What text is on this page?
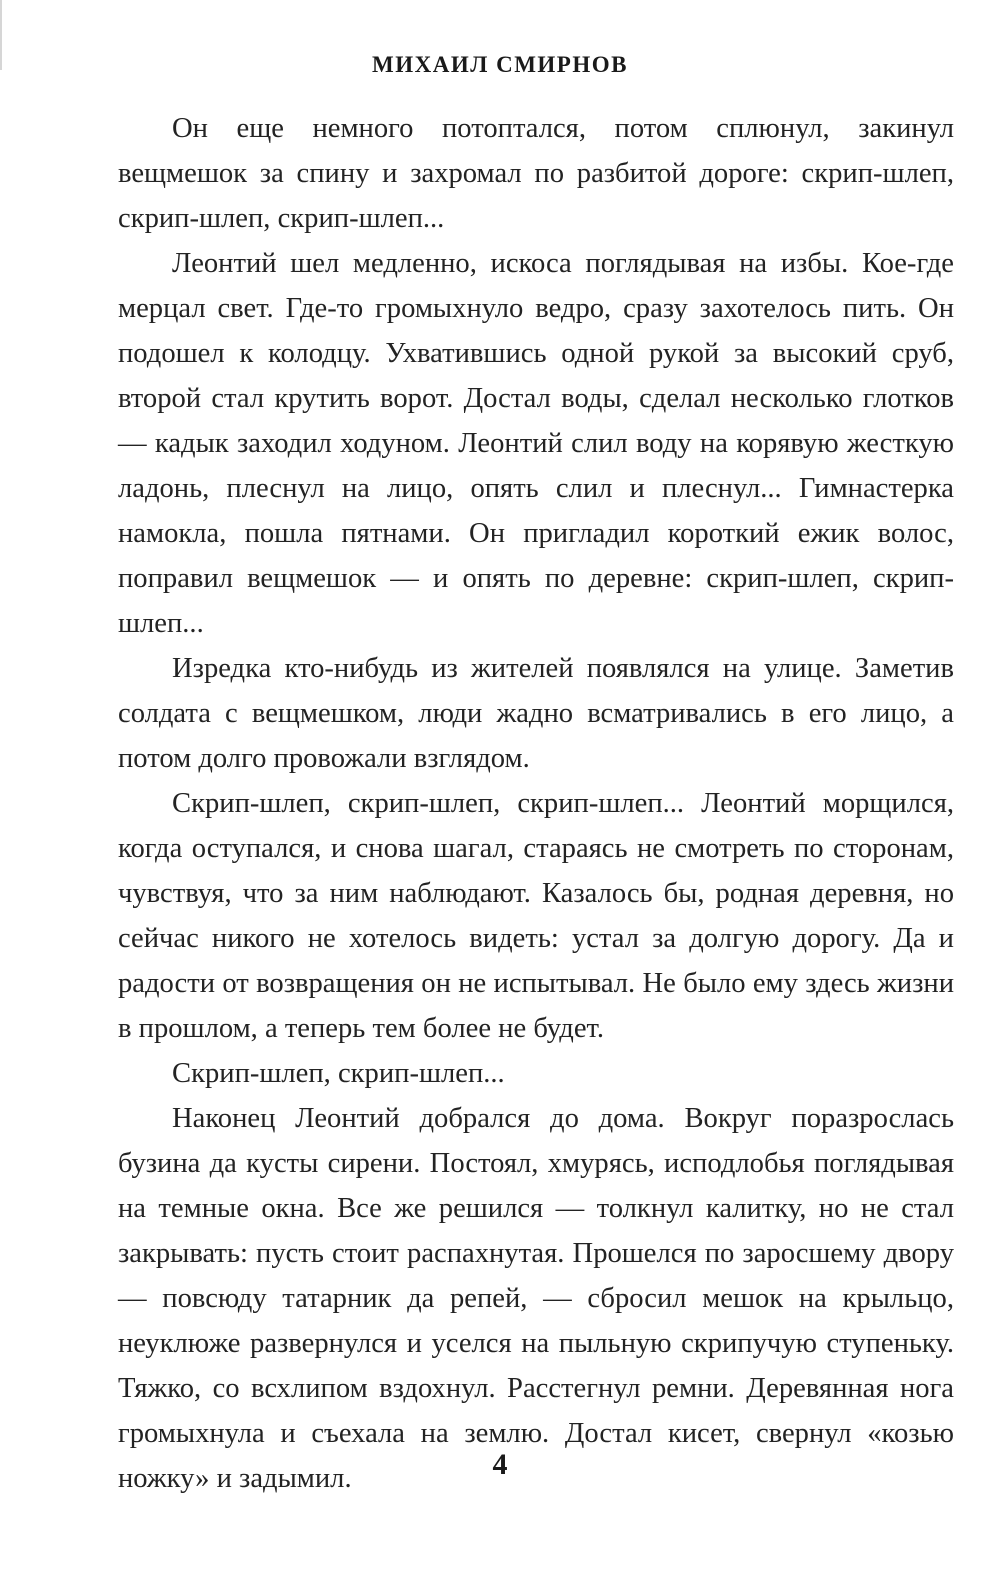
МИХАИЛ СМИРНОВ

Он еще немного потоптался, потом сплюнул, закинул вещмешок за спину и захромал по разбитой дороге: скрип-шлеп, скрип-шлеп, скрип-шлеп...

Леонтий шел медленно, искоса поглядывая на избы. Кое-где мерцал свет. Где-то громыхнуло ведро, сразу захотелось пить. Он подошел к колодцу. Ухватившись одной рукой за высокий сруб, второй стал крутить ворот. Достал воды, сделал несколько глотков — кадык заходил ходуном. Леонтий слил воду на корявую жесткую ладонь, плеснул на лицо, опять слил и плеснул... Гимнастерка намокла, пошла пятнами. Он пригладил короткий ежик волос, поправил вещмешок — и опять по деревне: скрип-шлеп, скрип-шлеп...

Изредка кто-нибудь из жителей появлялся на улице. Заметив солдата с вещмешком, люди жадно всматривались в его лицо, а потом долго провожали взглядом.

Скрип-шлеп, скрип-шлеп, скрип-шлеп... Леонтий морщился, когда оступался, и снова шагал, стараясь не смотреть по сторонам, чувствуя, что за ним наблюдают. Казалось бы, родная деревня, но сейчас никого не хотелось видеть: устал за долгую дорогу. Да и радости от возвращения он не испытывал. Не было ему здесь жизни в прошлом, а теперь тем более не будет.

Скрип-шлеп, скрип-шлеп...

Наконец Леонтий добрался до дома. Вокруг поразрослась бузина да кусты сирени. Постоял, хмурясь, исподлобья поглядывая на темные окна. Все же решился — толкнул калитку, но не стал закрывать: пусть стоит распахнутая. Прошелся по заросшему двору — повсюду татарник да репей, — сбросил мешок на крыльцо, неуклюже развернулся и уселся на пыльную скрипучую ступеньку. Тяжко, со всхлипом вздохнул. Расстегнул ремни. Деревянная нога громыхнула и съехала на землю. Достал кисет, свернул «козью ножку» и задымил.	4
